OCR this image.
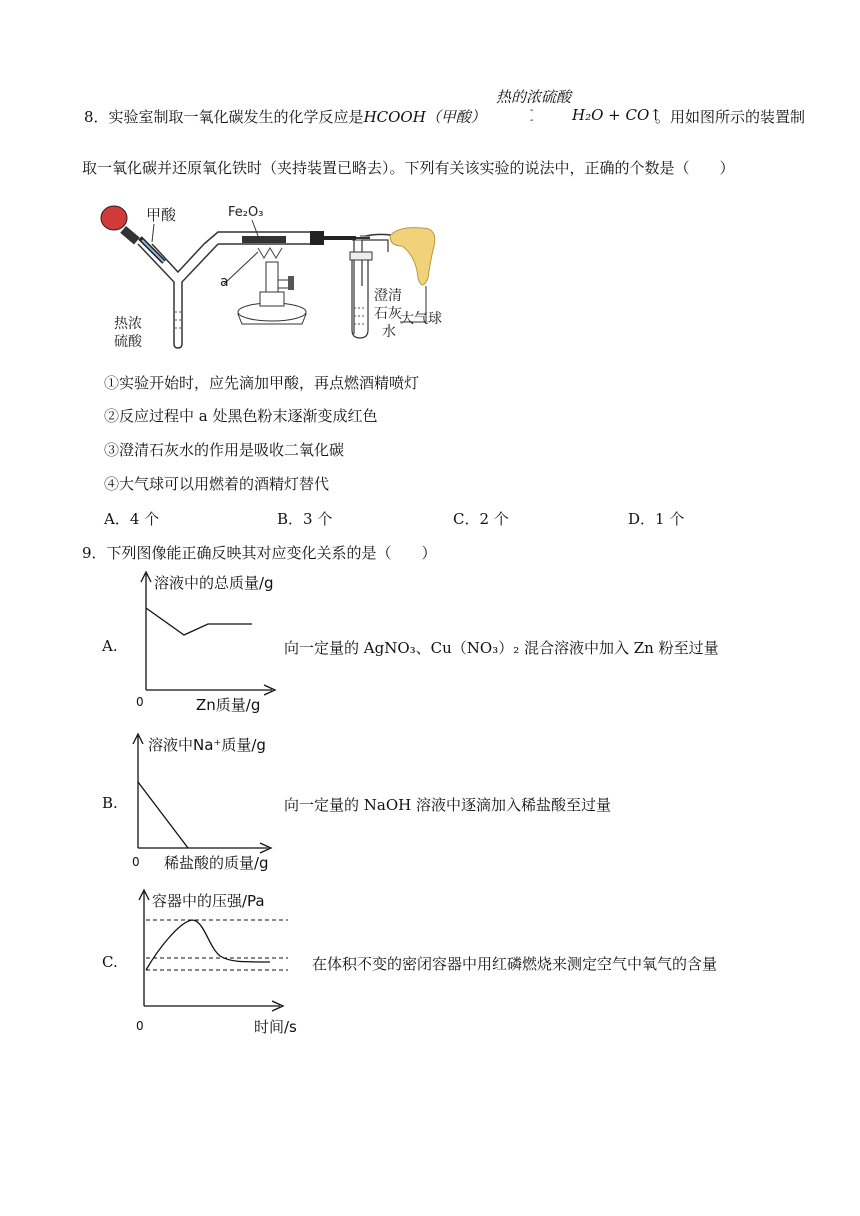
热的浓硫酸
-
-
8．实验室制取一氧化碳发生的化学反应是HCOOH（甲酸）	H₂O + CO↑
。用如图所示的装置制
取一氧化碳并还原氧化铁时（夹持装置已略去）。下列有关该实验的说法中，正确的个数是（　　）
甲酸	Fe₂O₃
a
热浓
硫酸
澄清
石灰
水
大气球
①实验开始时，应先滴加甲酸，再点燃酒精喷灯
②反应过程中 a 处黑色粉末逐渐变成红色
③澄清石灰水的作用是吸收二氧化碳
④大气球可以用燃着的酒精灯替代
A．4 个	B．3 个	C．2 个	D．1 个
9．下列图像能正确反映其对应变化关系的是（　　）
A.	向一定量的 AgNO₃、Cu（NO₃）₂ 混合溶液中加入 Zn 粉至过量
溶液中的总质量/g
Zn质量/g
0
B.	向一定量的 NaOH 溶液中逐滴加入稀盐酸至过量
溶液中Na⁺质量/g
稀盐酸的质量/g
0
C.	在体积不变的密闭容器中用红磷燃烧来测定空气中氧气的含量
容器中的压强/Pa
时间/s
0
